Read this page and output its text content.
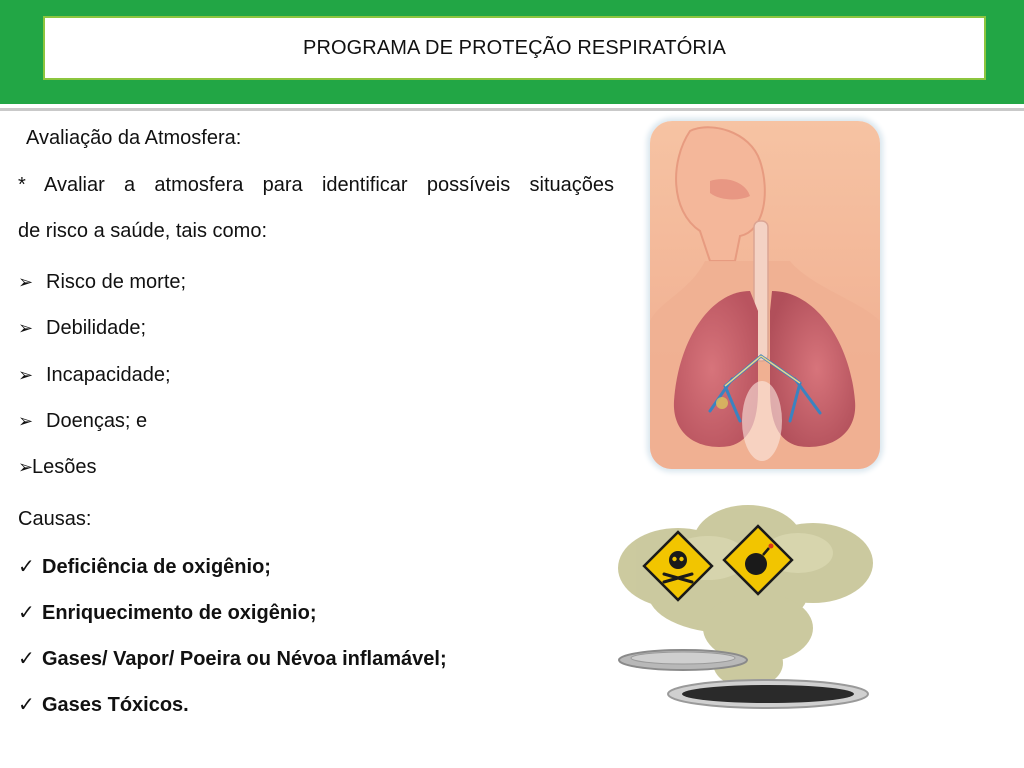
PROGRAMA DE PROTEÇÃO RESPIRATÓRIA
Avaliação da Atmosfera:
* Avaliar a atmosfera para identificar possíveis situações
de risco a saúde, tais como:
➢ Risco de morte;
➢ Debilidade;
➢ Incapacidade;
➢ Doenças; e
➢Lesões
Causas:
✓ Deficiência de oxigênio;
✓ Enriquecimento de oxigênio;
✓ Gases/ Vapor/ Poeira ou Névoa inflamável;
✓ Gases Tóxicos.
